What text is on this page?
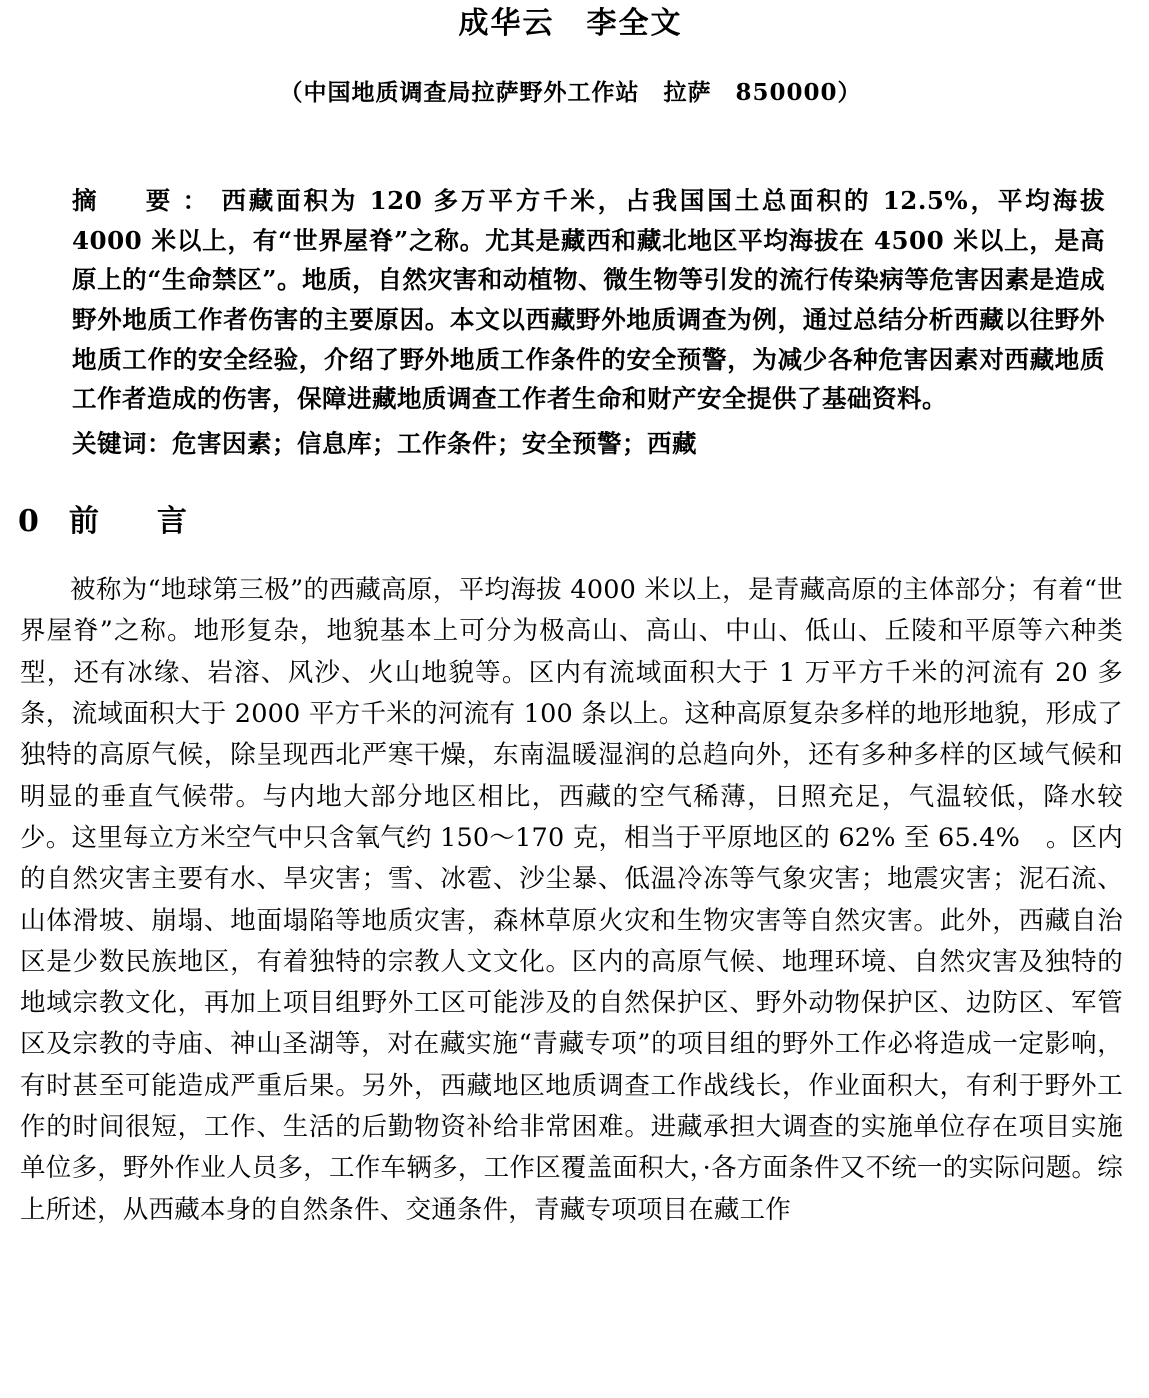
成华云　李全文
（中国地质调查局拉萨野外工作站　拉萨　850000）

摘　要：西藏面积为 120 多万平方千米，占我国国土总面积的 12.5%，平均海拔 4000 米以上，有“世界屋脊”之称。尤其是藏西和藏北地区平均海拔在 4500 米以上，是高原上的“生命禁区”。地质，自然灾害和动植物、微生物等引发的流行传染病等危害因素是造成野外地质工作者伤害的主要原因。本文以西藏野外地质调查为例，通过总结分析西藏以往野外地质工作的安全经验，介绍了野外地质工作条件的安全预警，为减少各种危害因素对西藏地质工作者造成的伤害，保障进藏地质调查工作者生命和财产安全提供了基础资料。

关键词：危害因素；信息库；工作条件；安全预警；西藏
0 前　言

被称为“地球第三极”的西藏高原，平均海拔 4000 米以上，是青藏高原的主体部分；有着“世界屋脊”之称。地形复杂，地貌基本上可分为极高山、高山、中山、低山、丘陵和平原等六种类型，还有冰缘、岩溶、风沙、火山地貌等。区内有流域面积大于 1 万平方千米的河流有 20 多条，流域面积大于 2000 平方千米的河流有 100 条以上。这种高原复杂多样的地形地貌，形成了独特的高原气候，除呈现西北严寒干燥，东南温暖湿润的总趋向外，还有多种多样的区域气候和明显的垂直气候带。与内地大部分地区相比，西藏的空气稀薄，日照充足，气温较低，降水较少。这里每立方米空气中只含氧气约 150～170 克，相当于平原地区的 62% 至 65.4%　。区内的自然灾害主要有水、旱灾害；雪、冰雹、沙尘暴、低温冷冻等气象灾害；地震灾害；泥石流、山体滑坡、崩塌、地面塌陷等地质灾害，森林草原火灾和生物灾害等自然灾害。此外，西藏自治区是少数民族地区，有着独特的宗教人文文化。区内的高原气候、地理环境、自然灾害及独特的地域宗教文化，再加上项目组野外工区可能涉及的自然保护区、野外动物保护区、边防区、军管区及宗教的寺庙、神山圣湖等，对在藏实施“青藏专项”的项目组的野外工作必将造成一定影响，有时甚至可能造成严重后果。另外，西藏地区地质调查工作战线长，作业面积大，有利于野外工作的时间很短，工作、生活的后勤物资补给非常困难。进藏承担大调查的实施单位存在项目实施单位多，野外作业人员多，工作车辆多，工作区覆盖面积大，·各方面条件又不统一的实际问题。综上所述，从西藏本身的自然条件、交通条件，青藏专项项目在藏工作
